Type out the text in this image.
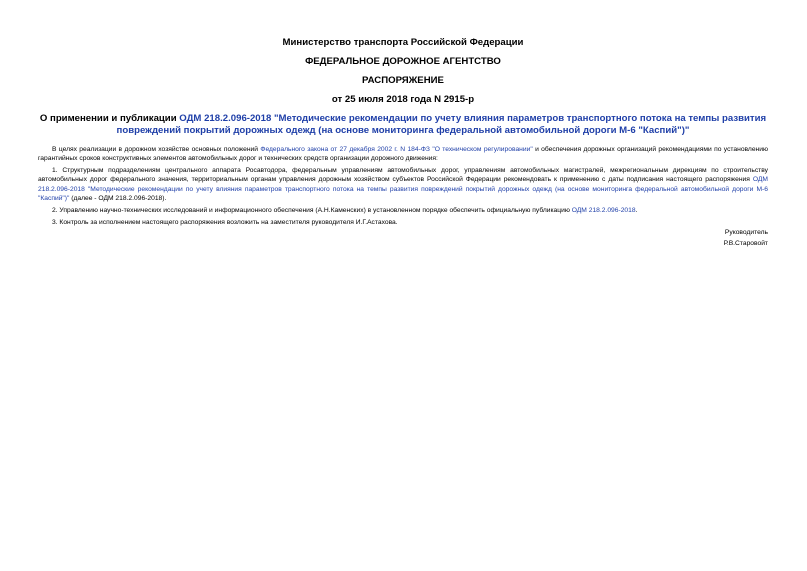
Министерство транспорта Российской Федерации

ФЕДЕРАЛЬНОЕ ДОРОЖНОЕ АГЕНТСТВО

РАСПОРЯЖЕНИЕ

от 25 июля 2018 года N 2915-р

О применении и публикации ОДМ 218.2.096-2018 "Методические рекомендации по учету влияния параметров транспортного потока на темпы развития повреждений покрытий дорожных одежд (на основе мониторинга федеральной автомобильной дороги М-6 "Каспий")"

В целях реализации в дорожном хозяйстве основных положений Федерального закона от 27 декабря 2002 г. N 184-ФЗ "О техническом регулировании" и обеспечения дорожных организаций рекомендациями по установлению гарантийных сроков конструктивных элементов автомобильных дорог и технических средств организации дорожного движения:

1. Структурным подразделениям центрального аппарата Росавтодора, федеральным управлениям автомобильных дорог, управлениям автомобильных магистралей, межрегиональным дирекциям по строительству автомобильных дорог федерального значения, территориальным органам управления дорожным хозяйством субъектов Российской Федерации рекомендовать к применению с даты подписания настоящего распоряжения ОДМ 218.2.096-2018 "Методические рекомендации по учету влияния параметров транспортного потока на темпы развития повреждений покрытий дорожных одежд (на основе мониторинга федеральной автомобильной дороги М-6 "Каспий")" (далее - ОДМ 218.2.096-2018).

2. Управлению научно-технических исследований и информационного обеспечения (А.Н.Каменских) в установленном порядке обеспечить официальную публикацию ОДМ 218.2.096-2018.

3. Контроль за исполнением настоящего распоряжения возложить на заместителя руководителя И.Г.Астахова.

Руководитель
Р.В.Старовойт
